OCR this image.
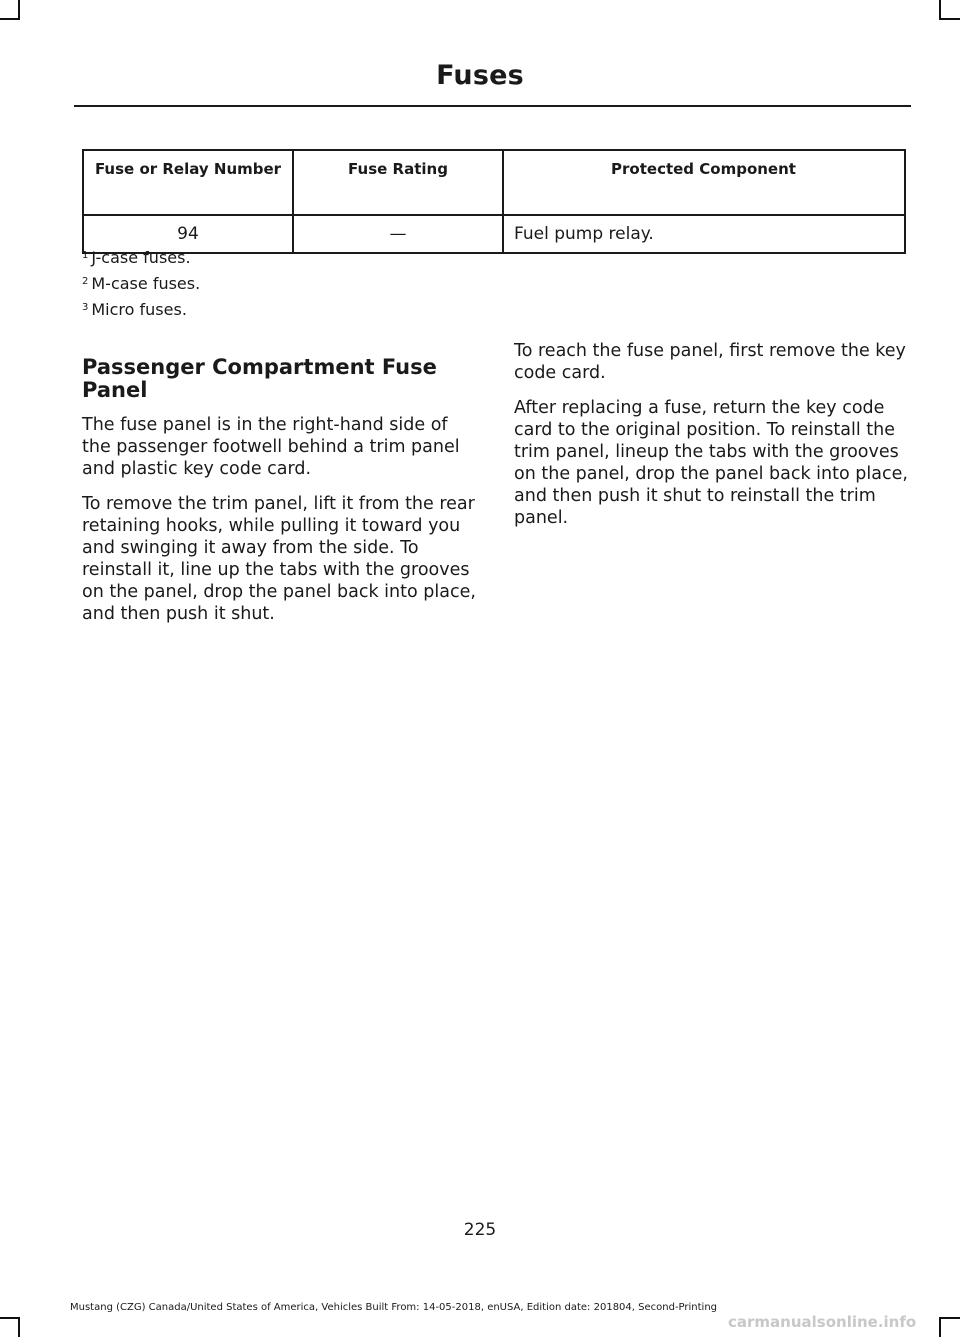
Fuses
Fuse or Relay Number	Fuse Rating	Protected Component
94	—	Fuel pump relay.
$^1$ J-case fuses.
$^2$ M-case fuses.
$^3$ Micro fuses.
Passenger Compartment Fuse Panel

The fuse panel is in the right-hand side of the passenger footwell behind a trim panel and plastic key code card.

To remove the trim panel, lift it from the rear retaining hooks, while pulling it toward you and swinging it away from the side. To reinstall it, line up the tabs with the grooves on the panel, drop the panel back into place, and then push it shut.

To reach the fuse panel, first remove the key code card.

After replacing a fuse, return the key code card to the original position. To reinstall the trim panel, lineup the tabs with the grooves on the panel, drop the panel back into place, and then push it shut to reinstall the trim panel.

225
Mustang (CZG) Canada/United States of America, Vehicles Built From: 14-05-2018, enUSA, Edition date: 201804, Second-Printing
carmanualsonline.info
